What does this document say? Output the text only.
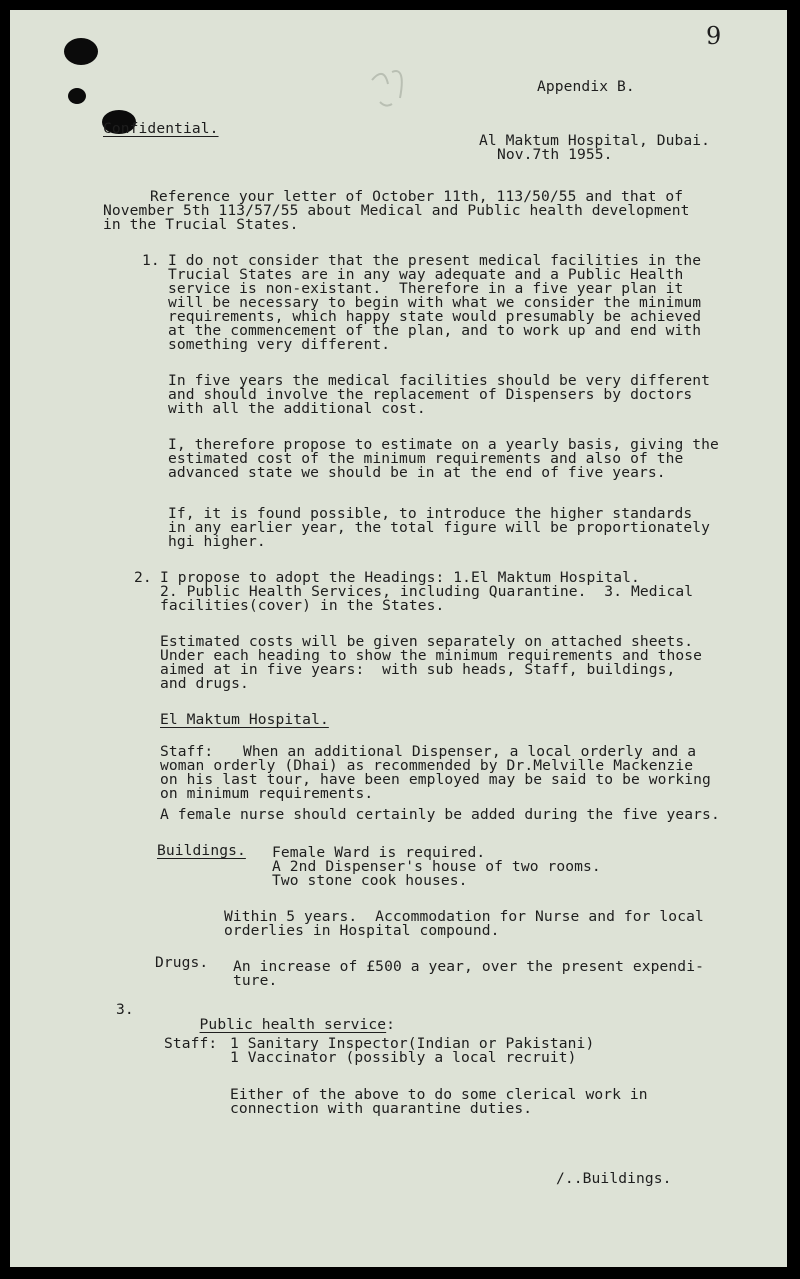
9
Appendix B.
Confidential.
Al Maktum Hospital, Dubai.
Nov.7th 1955.
Reference your letter of October 11th, 113/50/55 and that of
November 5th 113/57/55 about Medical and Public health development
in the Trucial States.
1. I do not consider that the present medical facilities in the
Trucial States are in any way adequate and a Public Health
service is non-existant.  Therefore in a five year plan it
will be necessary to begin with what we consider the minimum
requirements, which happy state would presumably be achieved
at the commencement of the plan, and to work up and end with
something very different.
In five years the medical facilities should be very different
and should involve the replacement of Dispensers by doctors
with all the additional cost.
I, therefore propose to estimate on a yearly basis, giving the
estimated cost of the minimum requirements and also of the
advanced state we should be in at the end of five years.
If, it is found possible, to introduce the higher standards
in any earlier year, the total figure will be proportionately
hgi higher.
2. I propose to adopt the Headings: 1.El Maktum Hospital.
2. Public Health Services, including Quarantine.  3. Medical
facilities(cover) in the States.
Estimated costs will be given separately on attached sheets.
Under each heading to show the minimum requirements and those
aimed at in five years:  with sub heads, Staff, buildings,
and drugs.
El Maktum Hospital.
Staff: When an additional Dispenser, a local orderly and a
woman orderly (Dhai) as recommended by Dr.Melville Mackenzie
on his last tour, have been employed may be said to be working
on minimum requirements.
A female nurse should certainly be added during the five years.
Buildings. Female Ward is required.
A 2nd Dispenser's house of two rooms.
Two stone cook houses.
Within 5 years.  Accommodation for Nurse and for local
orderlies in Hospital compound.
Drugs. An increase of £500 a year, over the present expendi-
ture.
3.

Public health service:

Staff: 1 Sanitary Inspector(Indian or Pakistani)
1 Vaccinator (possibly a local recruit)
Either of the above to do some clerical work in
connection with quarantine duties.
/..Buildings.
